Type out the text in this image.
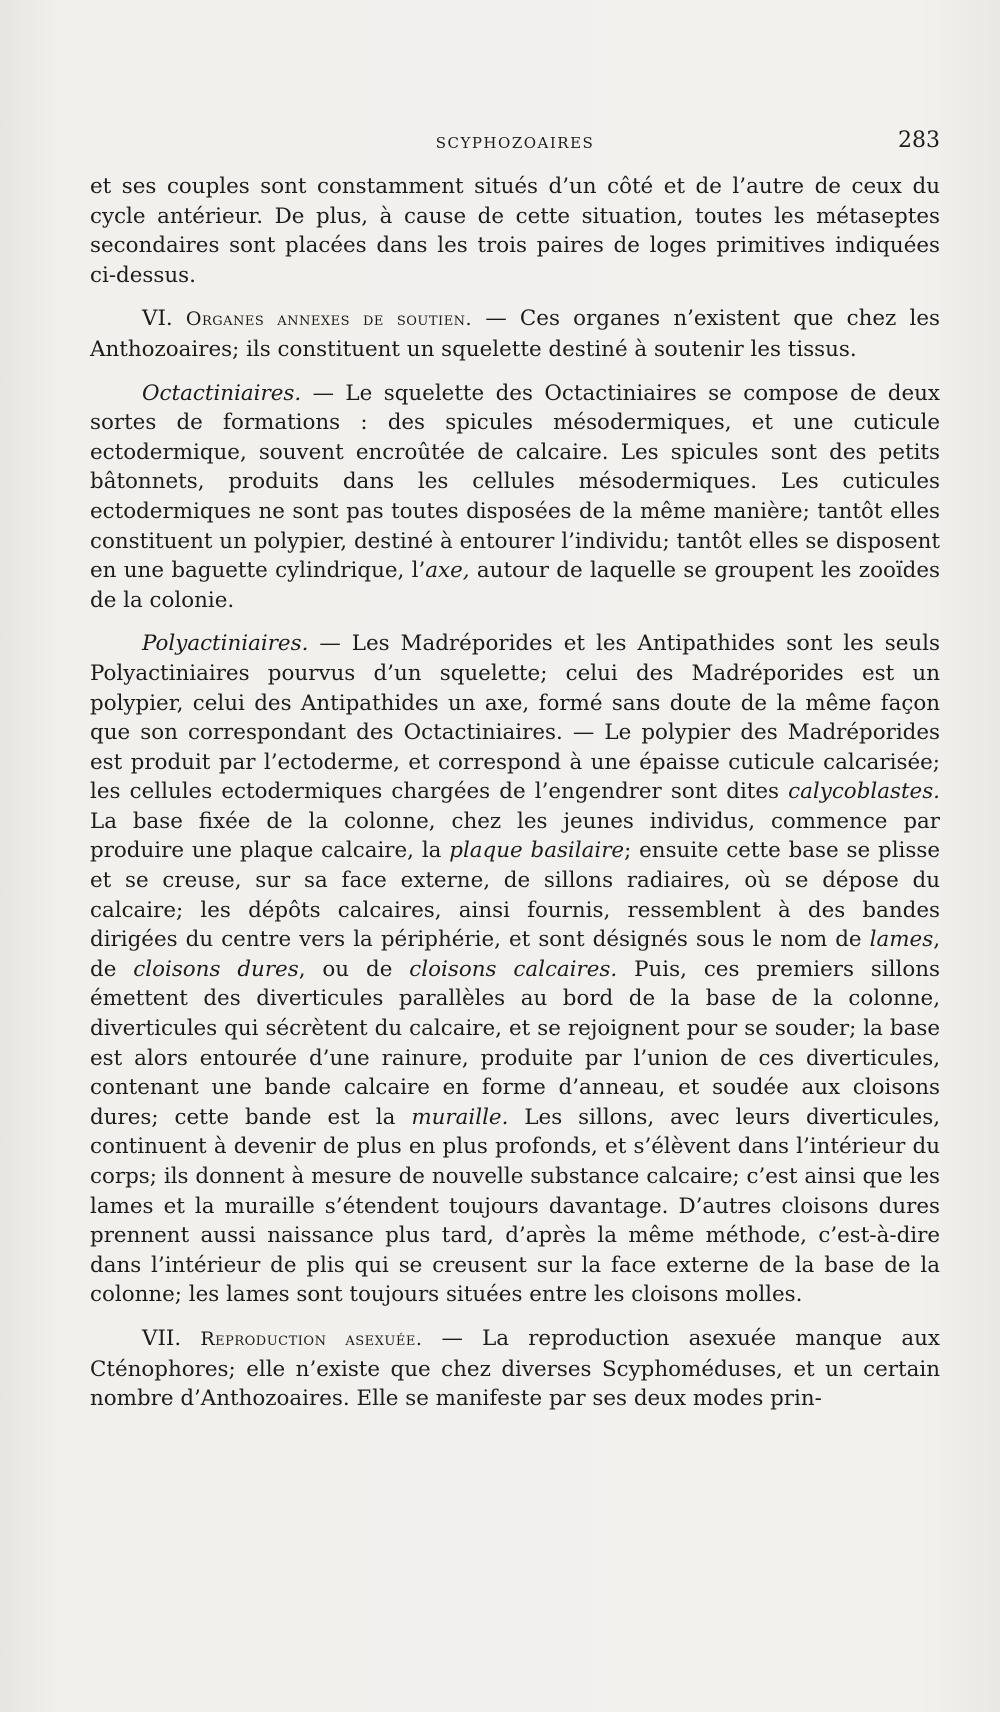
SCYPHOZOAIRES	283

et ses couples sont constamment situés d’un côté et de l’autre de ceux du cycle antérieur. De plus, à cause de cette situation, toutes les métaseptes secondaires sont placées dans les trois paires de loges primitives indiquées ci-dessus.

VI. Organes annexes de soutien. — Ces organes n’existent que chez les Anthozoaires; ils constituent un squelette destiné à soutenir les tissus.

Octactiniaires. — Le squelette des Octactiniaires se compose de deux sortes de formations : des spicules mésodermiques, et une cuticule ectodermique, souvent encroûtée de calcaire. Les spicules sont des petits bâtonnets, produits dans les cellules mésodermiques. Les cuticules ectodermiques ne sont pas toutes disposées de la même manière; tantôt elles constituent un polypier, destiné à entourer l’individu; tantôt elles se disposent en une baguette cylindrique, l’axe, autour de laquelle se groupent les zooïdes de la colonie.

Polyactiniaires. — Les Madréporides et les Antipathides sont les seuls Polyactiniaires pourvus d’un squelette; celui des Madréporides est un polypier, celui des Antipathides un axe, formé sans doute de la même façon que son correspondant des Octactiniaires. — Le polypier des Madréporides est produit par l’ectoderme, et correspond à une épaisse cuticule calcarisée; les cellules ectodermiques chargées de l’engendrer sont dites calycoblastes. La base fixée de la colonne, chez les jeunes individus, commence par produire une plaque calcaire, la plaque basilaire; ensuite cette base se plisse et se creuse, sur sa face externe, de sillons radiaires, où se dépose du calcaire; les dépôts calcaires, ainsi fournis, ressemblent à des bandes dirigées du centre vers la périphérie, et sont désignés sous le nom de lames, de cloisons dures, ou de cloisons calcaires. Puis, ces premiers sillons émettent des diverticules parallèles au bord de la base de la colonne, diverticules qui sécrètent du calcaire, et se rejoignent pour se souder; la base est alors entourée d’une rainure, produite par l’union de ces diverticules, contenant une bande calcaire en forme d’anneau, et soudée aux cloisons dures; cette bande est la muraille. Les sillons, avec leurs diverticules, continuent à devenir de plus en plus profonds, et s’élèvent dans l’intérieur du corps; ils donnent à mesure de nouvelle substance calcaire; c’est ainsi que les lames et la muraille s’étendent toujours davantage. D’autres cloisons dures prennent aussi naissance plus tard, d’après la même méthode, c’est-à-dire dans l’intérieur de plis qui se creusent sur la face externe de la base de la colonne; les lames sont toujours situées entre les cloisons molles.

VII. Reproduction asexuée. — La reproduction asexuée manque aux Cténophores; elle n’existe que chez diverses Scyphoméduses, et un certain nombre d’Anthozoaires. Elle se manifeste par ses deux modes prin-
